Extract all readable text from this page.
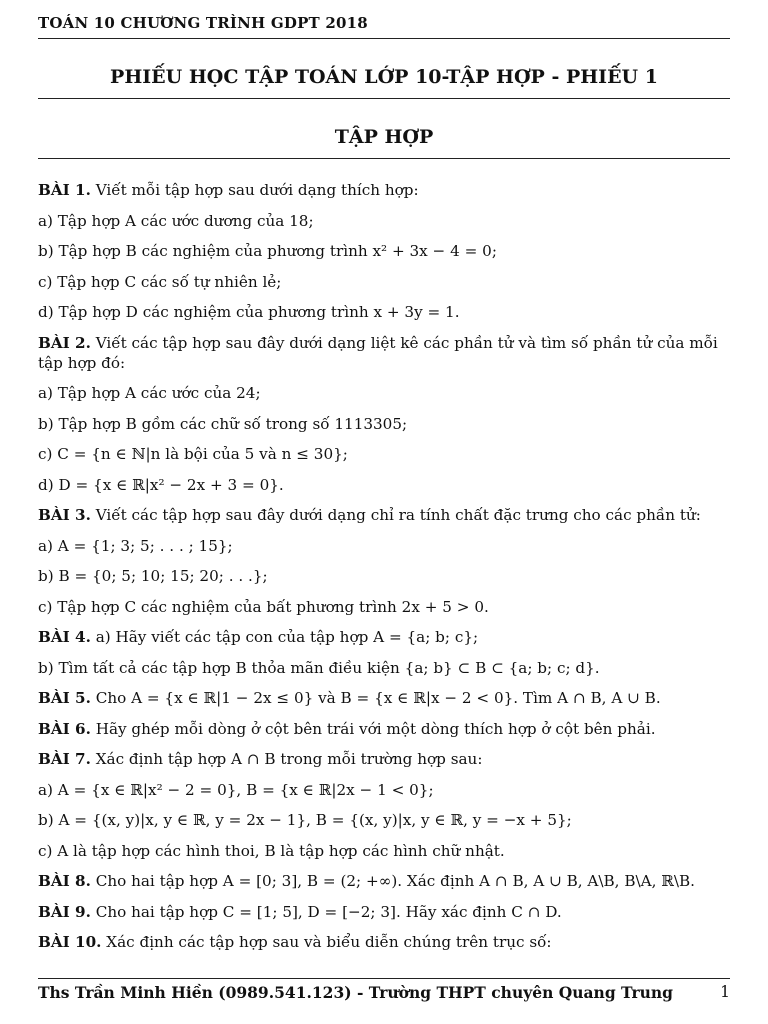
TOÁN 10 CHƯƠNG TRÌNH GDPT 2018
PHIẾU HỌC TẬP TOÁN LỚP 10-TẬP HỢP - PHIẾU 1
TẬP HỢP
BÀI 1. Viết mỗi tập hợp sau dưới dạng thích hợp:
a) Tập hợp A các ước dương của 18;
b) Tập hợp B các nghiệm của phương trình x² + 3x − 4 = 0;
c) Tập hợp C các số tự nhiên lẻ;
d) Tập hợp D các nghiệm của phương trình x + 3y = 1.
BÀI 2. Viết các tập hợp sau đây dưới dạng liệt kê các phần tử và tìm số phần tử của mỗi tập hợp đó:
a) Tập hợp A các ước của 24;
b) Tập hợp B gồm các chữ số trong số 1113305;
c) C = {n ∈ ℕ|n là bội của 5 và n ≤ 30};
d) D = {x ∈ ℝ|x² − 2x + 3 = 0}.
BÀI 3. Viết các tập hợp sau đây dưới dạng chỉ ra tính chất đặc trưng cho các phần tử:
a) A = {1; 3; 5; . . . ; 15};
b) B = {0; 5; 10; 15; 20; . . .};
c) Tập hợp C các nghiệm của bất phương trình 2x + 5 > 0.
BÀI 4. a) Hãy viết các tập con của tập hợp A = {a; b; c};
b) Tìm tất cả các tập hợp B thỏa mãn điều kiện {a; b} ⊂ B ⊂ {a; b; c; d}.
BÀI 5. Cho A = {x ∈ ℝ|1 − 2x ≤ 0} và B = {x ∈ ℝ|x − 2 < 0}. Tìm A ∩ B, A ∪ B.
BÀI 6. Hãy ghép mỗi dòng ở cột bên trái với một dòng thích hợp ở cột bên phải.
BÀI 7. Xác định tập hợp A ∩ B trong mỗi trường hợp sau:
a) A = {x ∈ ℝ|x² − 2 = 0}, B = {x ∈ ℝ|2x − 1 < 0};
b) A = {(x, y)|x, y ∈ ℝ, y = 2x − 1}, B = {(x, y)|x, y ∈ ℝ, y = −x + 5};
c) A là tập hợp các hình thoi, B là tập hợp các hình chữ nhật.
BÀI 8. Cho hai tập hợp A = [0; 3], B = (2; +∞). Xác định A ∩ B, A ∪ B, A\B, B\A, ℝ\B.
BÀI 9. Cho hai tập hợp C = [1; 5], D = [−2; 3]. Hãy xác định C ∩ D.
BÀI 10. Xác định các tập hợp sau và biểu diễn chúng trên trục số:
Ths Trần Minh Hiền (0989.541.123) - Trường THPT chuyên Quang Trung	1
